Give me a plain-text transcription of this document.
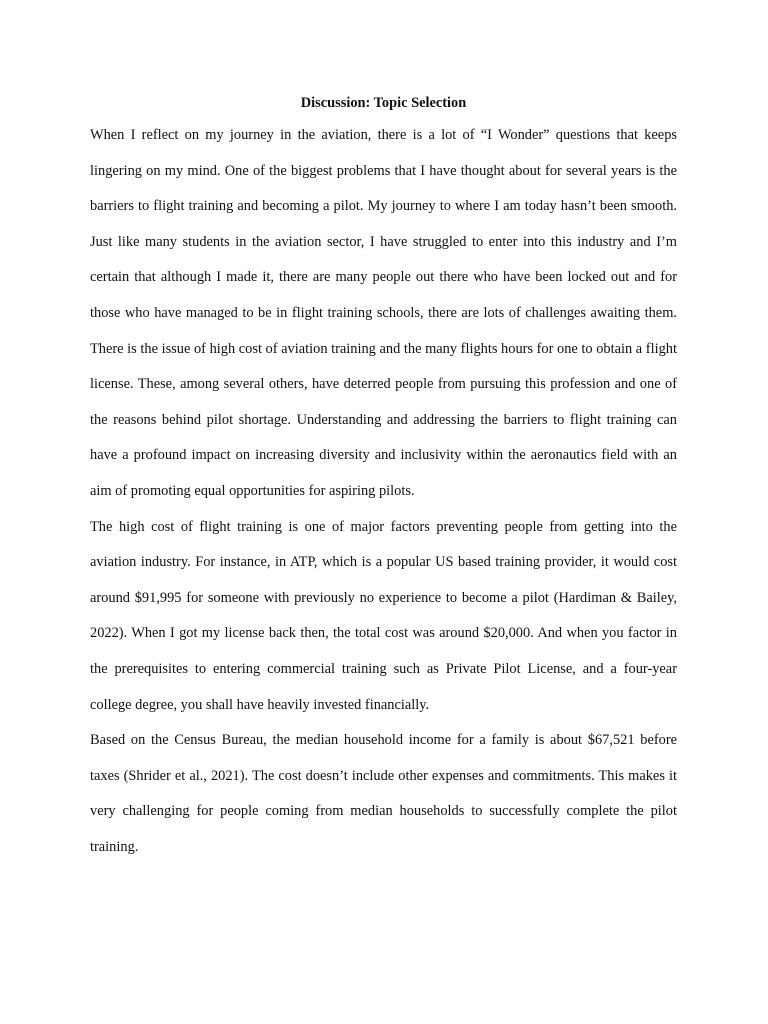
Discussion: Topic Selection

When I reflect on my journey in the aviation, there is a lot of “I Wonder” questions that keeps lingering on my mind. One of the biggest problems that I have thought about for several years is the barriers to flight training and becoming a pilot. My journey to where I am today hasn’t been smooth. Just like many students in the aviation sector, I have struggled to enter into this industry and I’m certain that although I made it, there are many people out there who have been locked out and for those who have managed to be in flight training schools, there are lots of challenges awaiting them. There is the issue of high cost of aviation training and the many flights hours for one to obtain a flight license. These, among several others, have deterred people from pursuing this profession and one of the reasons behind pilot shortage. Understanding and addressing the barriers to flight training can have a profound impact on increasing diversity and inclusivity within the aeronautics field with an aim of promoting equal opportunities for aspiring pilots.

The high cost of flight training is one of major factors preventing people from getting into the aviation industry. For instance, in ATP, which is a popular US based training provider, it would cost around $91,995 for someone with previously no experience to become a pilot (Hardiman & Bailey, 2022). When I got my license back then, the total cost was around $20,000. And when you factor in the prerequisites to entering commercial training such as Private Pilot License, and a four-year college degree, you shall have heavily invested financially.

Based on the Census Bureau, the median household income for a family is about $67,521 before taxes (Shrider et al., 2021). The cost doesn’t include other expenses and commitments. This makes it very challenging for people coming from median households to successfully complete the pilot training.
